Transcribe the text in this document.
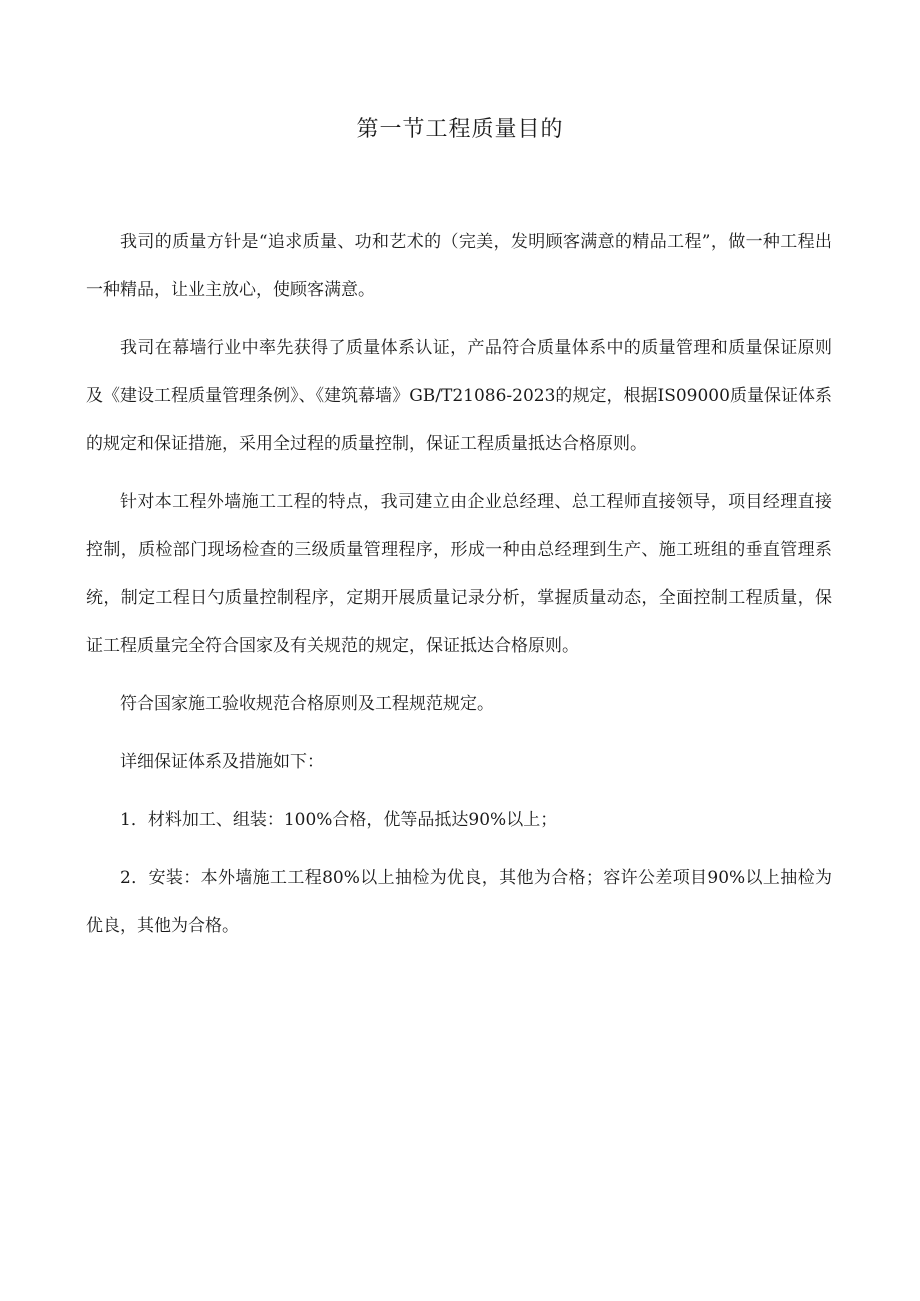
第一节工程质量目的

我司的质量方针是“追求质量、功和艺术的（完美，发明顾客满意的精品工程”，做一种工程出一种精品，让业主放心，使顾客满意。

我司在幕墙行业中率先获得了质量体系认证，产品符合质量体系中的质量管理和质量保证原则及《建设工程质量管理条例》、《建筑幕墙》GB/T21086-2023的规定，根据IS09000质量保证体系的规定和保证措施，采用全过程的质量控制，保证工程质量抵达合格原则。

针对本工程外墙施工工程的特点，我司建立由企业总经理、总工程师直接领导，项目经理直接控制，质检部门现场检查的三级质量管理程序，形成一种由总经理到生产、施工班组的垂直管理系统，制定工程日勺质量控制程序，定期开展质量记录分析，掌握质量动态，全面控制工程质量，保证工程质量完全符合国家及有关规范的规定，保证抵达合格原则。

符合国家施工验收规范合格原则及工程规范规定。

详细保证体系及措施如下：

1．材料加工、组装：100%合格，优等品抵达90%以上；

2．安装：本外墙施工工程80%以上抽检为优良，其他为合格；容许公差项目90%以上抽检为优良，其他为合格。
